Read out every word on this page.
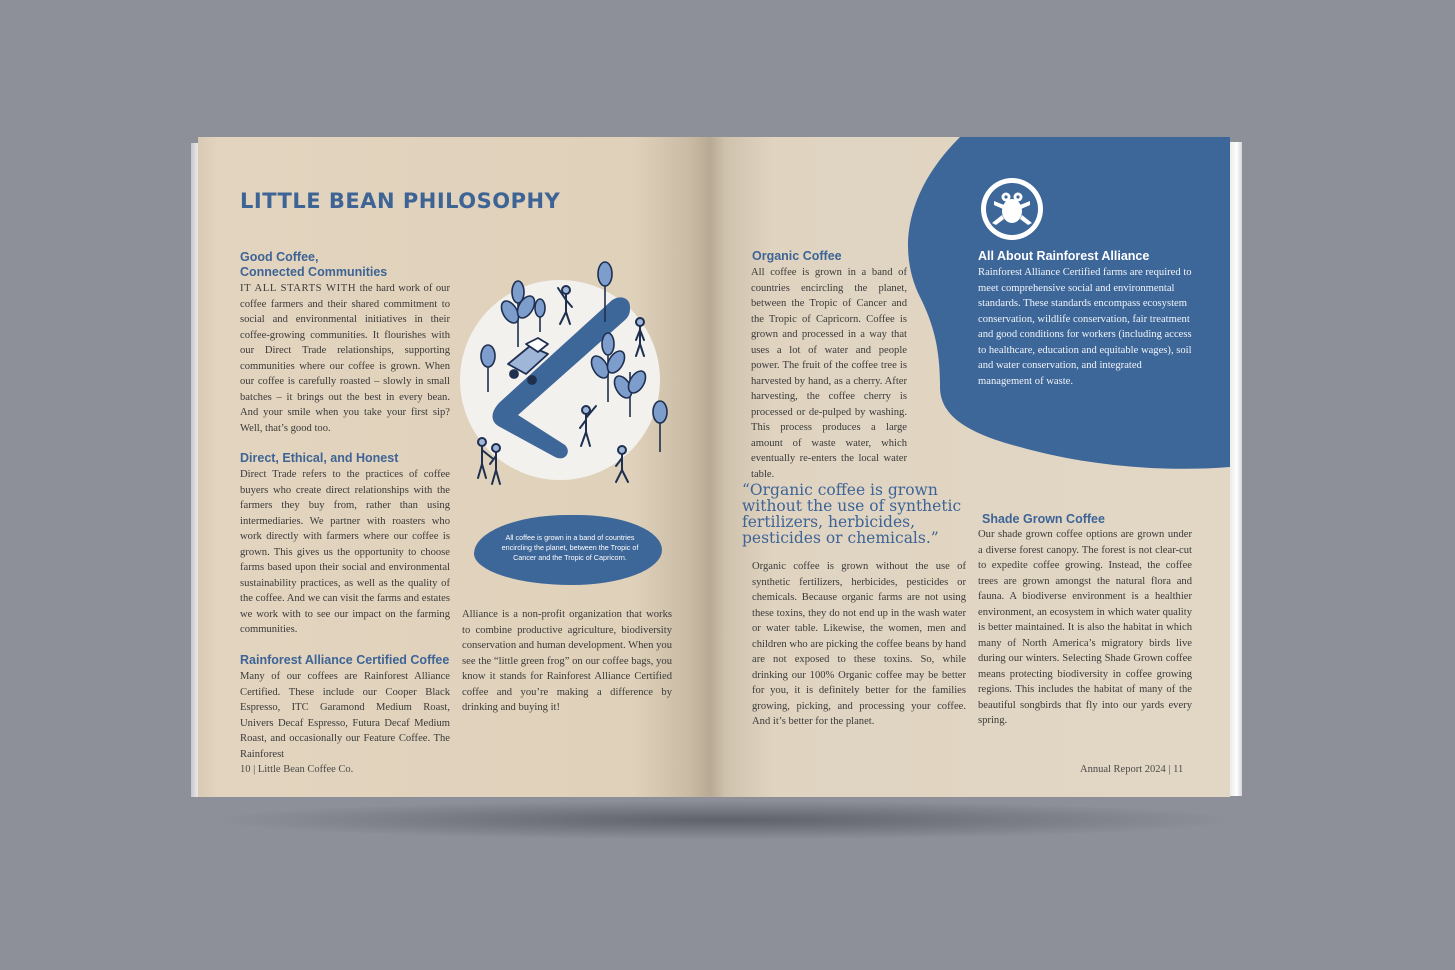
LITTLE BEAN PHILOSOPHY
Good Coffee,
Connected Communities
IT ALL STARTS WITH the hard work of our coffee farmers and their shared commitment to social and environmental initiatives in their coffee-growing communities. It flourishes with our Direct Trade relationships, supporting communities where our coffee is grown. When our coffee is carefully roasted – slowly in small batches – it brings out the best in every bean. And your smile when you take your first sip? Well, that’s good too.
Direct, Ethical, and Honest
Direct Trade refers to the practices of coffee buyers who create direct relationships with the farmers they buy from, rather than using intermediaries. We partner with roasters who work directly with farmers where our coffee is grown. This gives us the opportunity to choose farms based upon their social and environmental sustainability practices, as well as the quality of the coffee. And we can visit the farms and estates we work with to see our impact on the farming communities.
Rainforest Alliance Certified Coffee
Many of our coffees are Rainforest Alliance Certified. These include our Cooper Black Espresso, ITC Garamond Medium Roast, Univers Decaf Espresso, Futura Decaf Medium Roast, and occasionally our Feature Coffee. The Rainforest
Alliance is a non-profit organization that works to combine productive agriculture, biodiversity conservation and human development. When you see the “little green frog” on our coffee bags, you know it stands for Rainforest Alliance Certified coffee and you’re making a difference by drinking and buying it!
All coffee is grown in a band of countries encircling the planet, between the Tropic of Cancer and the Tropic of Capricorn.
10 | Little Bean Coffee Co.
Organic Coffee
All coffee is grown in a band of countries encircling the planet, between the Tropic of Cancer and the Tropic of Capricorn. Coffee is grown and processed in a way that uses a lot of water and people power. The fruit of the coffee tree is harvested by hand, as a cherry. After harvesting, the coffee cherry is processed or de-pulped by washing. This process produces a large amount of waste water, which eventually re-enters the local water table.
All About Rainforest Alliance
Rainforest Alliance Certified farms are required to meet comprehensive social and environmental standards. These standards encompass ecosystem conservation, wildlife conservation, fair treatment and good conditions for workers (including access to healthcare, education and equitable wages), soil and water conservation, and integrated management of waste.
“Organic coffee is grown without the use of synthetic fertilizers, herbicides, pesticides or chemicals.”
Organic coffee is grown without the use of synthetic fertilizers, herbicides, pesticides or chemicals. Because organic farms are not using these toxins, they do not end up in the wash water or water table. Likewise, the women, men and children who are picking the coffee beans by hand are not exposed to these toxins. So, while drinking our 100% Organic coffee may be better for you, it is definitely better for the families growing, picking, and processing your coffee. And it’s better for the planet.
Shade Grown Coffee
Our shade grown coffee options are grown under a diverse forest canopy. The forest is not clear-cut to expedite coffee growing. Instead, the coffee trees are grown amongst the natural flora and fauna. A biodiverse environment is a healthier environment, an ecosystem in which water quality is better maintained. It is also the habitat in which many of North America’s migratory birds live during our winters. Selecting Shade Grown coffee means protecting biodiversity in coffee growing regions. This includes the habitat of many of the beautiful songbirds that fly into our yards every spring.
Annual Report 2024 | 11
